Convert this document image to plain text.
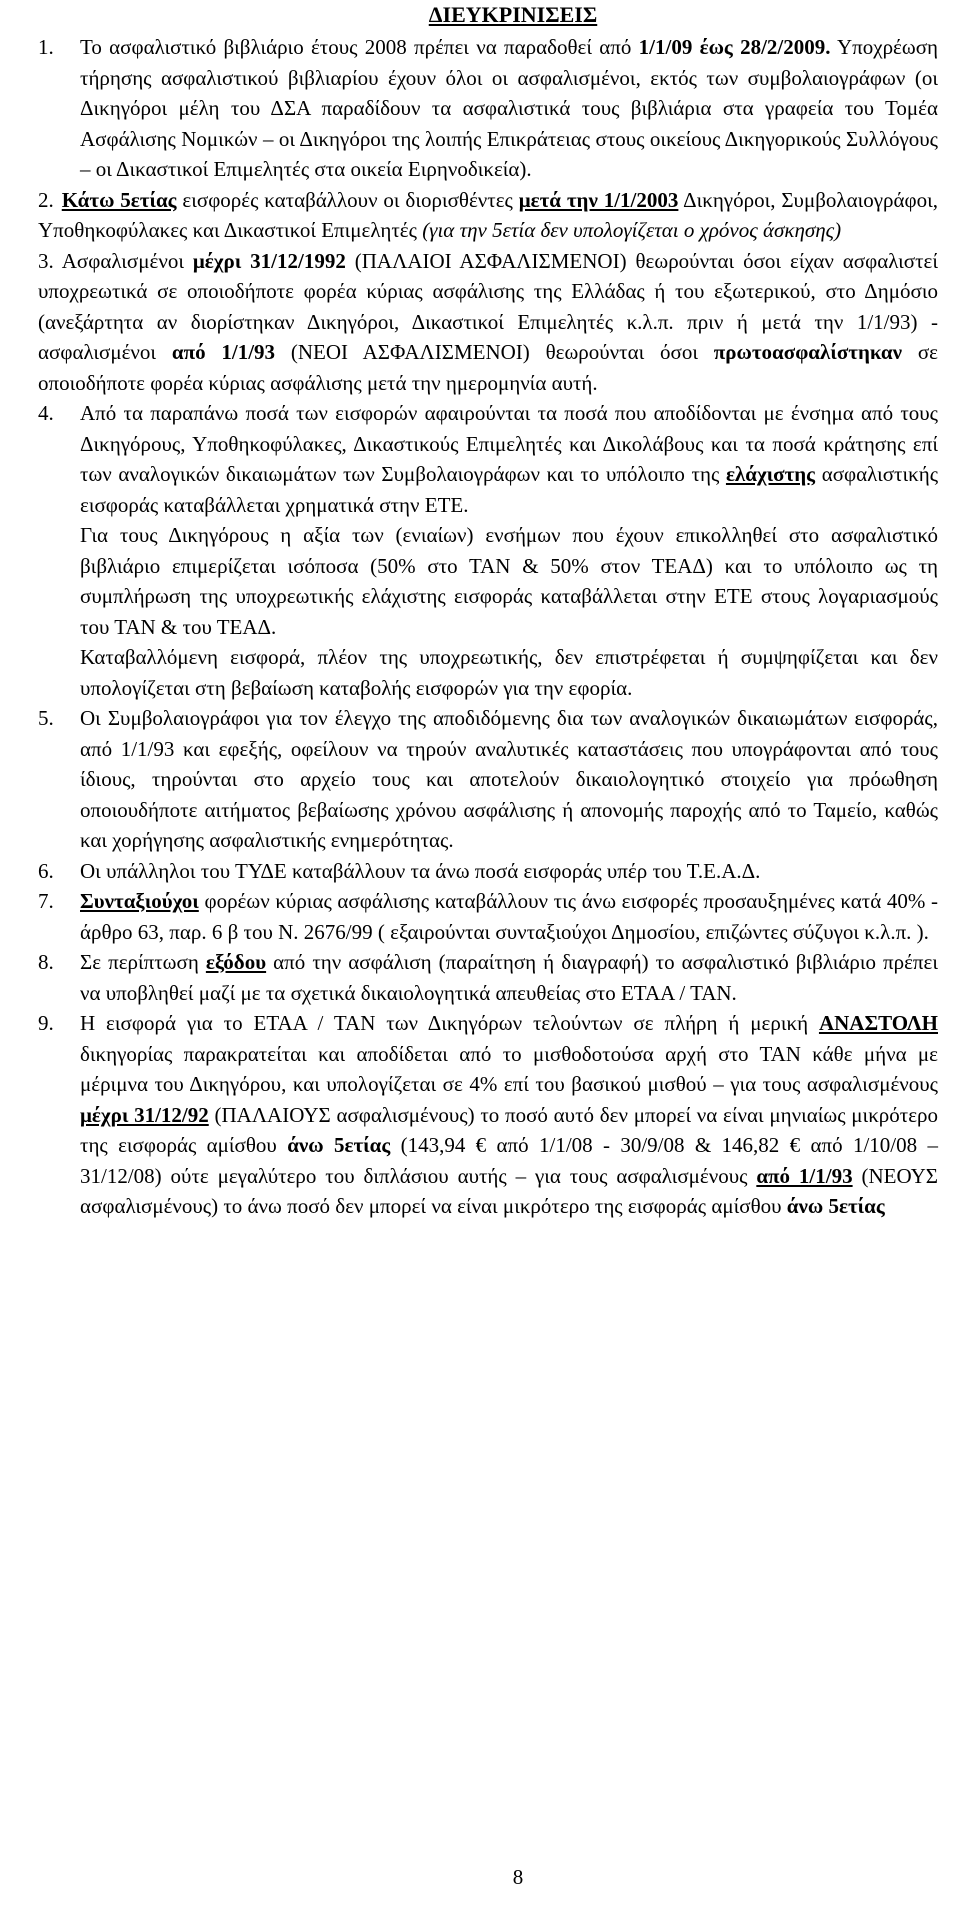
ΔΙΕΥΚΡΙΝΙΣΕΙΣ
1. Το ασφαλιστικό βιβλιάριο έτους 2008 πρέπει να παραδοθεί από 1/1/09 έως 28/2/2009. Υποχρέωση τήρησης ασφαλιστικού βιβλιαρίου έχουν όλοι οι ασφαλισμένοι, εκτός των συμβολαιογράφων (οι Δικηγόροι μέλη του ΔΣΑ παραδίδουν τα ασφαλιστικά τους βιβλιάρια στα γραφεία του Τομέα Ασφάλισης Νομικών – οι Δικηγόροι της λοιπής Επικράτειας στους οικείους Δικηγορικούς Συλλόγους – οι Δικαστικοί Επιμελητές στα οικεία Ειρηνοδικεία).
2. Κάτω 5ετίας εισφορές καταβάλλουν οι διορισθέντες μετά την 1/1/2003 Δικηγόροι, Συμβολαιογράφοι, Υποθηκοφύλακες και Δικαστικοί Επιμελητές (για την 5ετία δεν υπολογίζεται ο χρόνος άσκησης)
3. Ασφαλισμένοι μέχρι 31/12/1992 (ΠΑΛΑΙΟΙ ΑΣΦΑΛΙΣΜΕΝΟΙ) θεωρούνται όσοι είχαν ασφαλιστεί υποχρεωτικά σε οποιοδήποτε φορέα κύριας ασφάλισης της Ελλάδας ή του εξωτερικού, στο Δημόσιο (ανεξάρτητα αν διορίστηκαν Δικηγόροι, Δικαστικοί Επιμελητές κ.λ.π. πριν ή μετά την 1/1/93) - ασφαλισμένοι από 1/1/93 (ΝΕΟΙ ΑΣΦΑΛΙΣΜΕΝΟΙ) θεωρούνται όσοι πρωτοασφαλίστηκαν σε οποιοδήποτε φορέα κύριας ασφάλισης μετά την ημερομηνία αυτή.
4. Από τα παραπάνω ποσά των εισφορών αφαιρούνται τα ποσά που αποδίδονται με ένσημα από τους Δικηγόρους, Υποθηκοφύλακες, Δικαστικούς Επιμελητές και Δικολάβους και τα ποσά κράτησης επί των αναλογικών δικαιωμάτων των Συμβολαιογράφων και το υπόλοιπο της ελάχιστης ασφαλιστικής εισφοράς καταβάλλεται χρηματικά στην ΕΤΕ.
Για τους Δικηγόρους η αξία των (ενιαίων) ενσήμων που έχουν επικολληθεί στο ασφαλιστικό βιβλιάριο επιμερίζεται ισόποσα (50% στο ΤΑΝ & 50% στον ΤΕΑΔ) και το υπόλοιπο ως τη συμπλήρωση της υποχρεωτικής ελάχιστης εισφοράς καταβάλλεται στην ΕΤΕ στους λογαριασμούς του ΤΑΝ & του ΤΕΑΔ.
Καταβαλλόμενη εισφορά, πλέον της υποχρεωτικής, δεν επιστρέφεται ή συμψηφίζεται και δεν υπολογίζεται στη βεβαίωση καταβολής εισφορών για την εφορία.
5. Οι Συμβολαιογράφοι για τον έλεγχο της αποδιδόμενης δια των αναλογικών δικαιωμάτων εισφοράς, από 1/1/93 και εφεξής, οφείλουν να τηρούν αναλυτικές καταστάσεις που υπογράφονται από τους ίδιους, τηρούνται στο αρχείο τους και αποτελούν δικαιολογητικό στοιχείο για πρόωθηση οποιουδήποτε αιτήματος βεβαίωσης χρόνου ασφάλισης ή απονομής παροχής από το Ταμείο, καθώς και χορήγησης ασφαλιστικής ενημερότητας.
6. Οι υπάλληλοι του ΤΥΔΕ καταβάλλουν τα άνω ποσά εισφοράς υπέρ του Τ.Ε.Α.Δ.
7. Συνταξιούχοι φορέων κύριας ασφάλισης καταβάλλουν τις άνω εισφορές προσαυξημένες κατά 40% - άρθρο 63, παρ. 6 β του Ν. 2676/99 ( εξαιρούνται συνταξιούχοι Δημοσίου, επιζώντες σύζυγοι κ.λ.π. ).
8. Σε περίπτωση εξόδου από την ασφάλιση (παραίτηση ή διαγραφή) το ασφαλιστικό βιβλιάριο πρέπει να υποβληθεί μαζί με τα σχετικά δικαιολογητικά απευθείας στο ΕΤΑΑ / ΤΑΝ.
9. Η εισφορά για το ΕΤΑΑ / ΤΑΝ των Δικηγόρων τελούντων σε πλήρη ή μερική ΑΝΑΣΤΟΛΗ δικηγορίας παρακρατείται και αποδίδεται από το μισθοδοτούσα αρχή στο ΤΑΝ κάθε μήνα με μέριμνα του Δικηγόρου, και υπολογίζεται σε 4% επί του βασικού μισθού – για τους ασφαλισμένους μέχρι 31/12/92 (ΠΑΛΑΙΟΥΣ ασφαλισμένους) το ποσό αυτό δεν μπορεί να είναι μηνιαίως μικρότερο της εισφοράς αμίσθου άνω 5ετίας (143,94 € από 1/1/08 - 30/9/08 & 146,82 € από 1/10/08 – 31/12/08) ούτε μεγαλύτερο του διπλάσιου αυτής – για τους ασφαλισμένους από 1/1/93 (ΝΕΟΥΣ ασφαλισμένους) το άνω ποσό δεν μπορεί να είναι μικρότερο της εισφοράς αμίσθου άνω 5ετίας
8
